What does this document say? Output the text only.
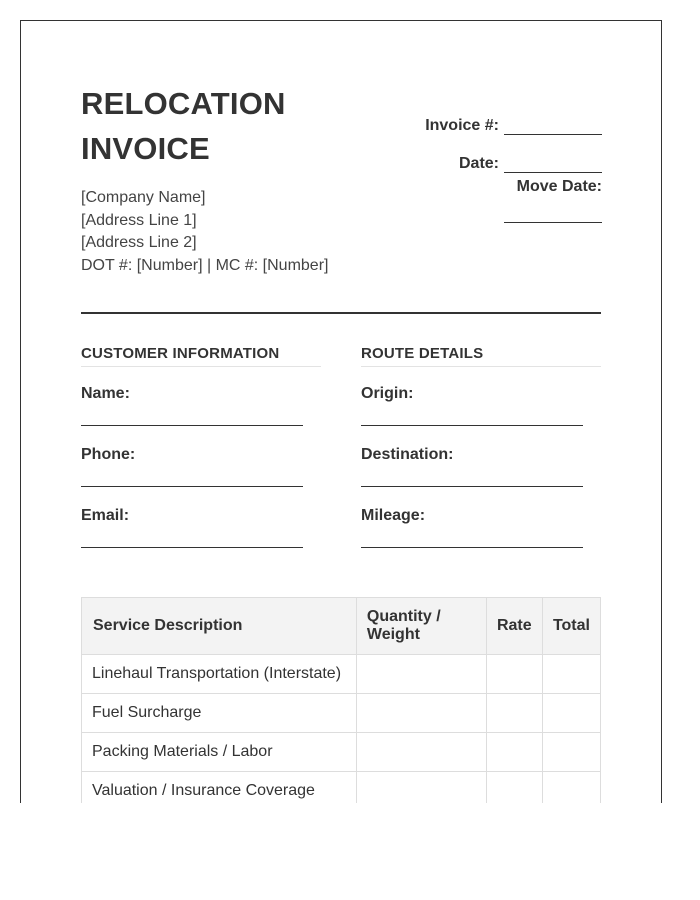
RELOCATION
INVOICE
[Company Name]
[Address Line 1]
[Address Line 2]
DOT #: [Number] | MC #: [Number]
Invoice #:
Date:
Move Date:
CUSTOMER INFORMATION
Name:
Phone:
Email:
ROUTE DETAILS
Origin:
Destination:
Mileage:
Service Description	Quantity / Weight	Rate	Total
Linehaul Transportation (Interstate)			
Fuel Surcharge			
Packing Materials / Labor			
Valuation / Insurance Coverage			
